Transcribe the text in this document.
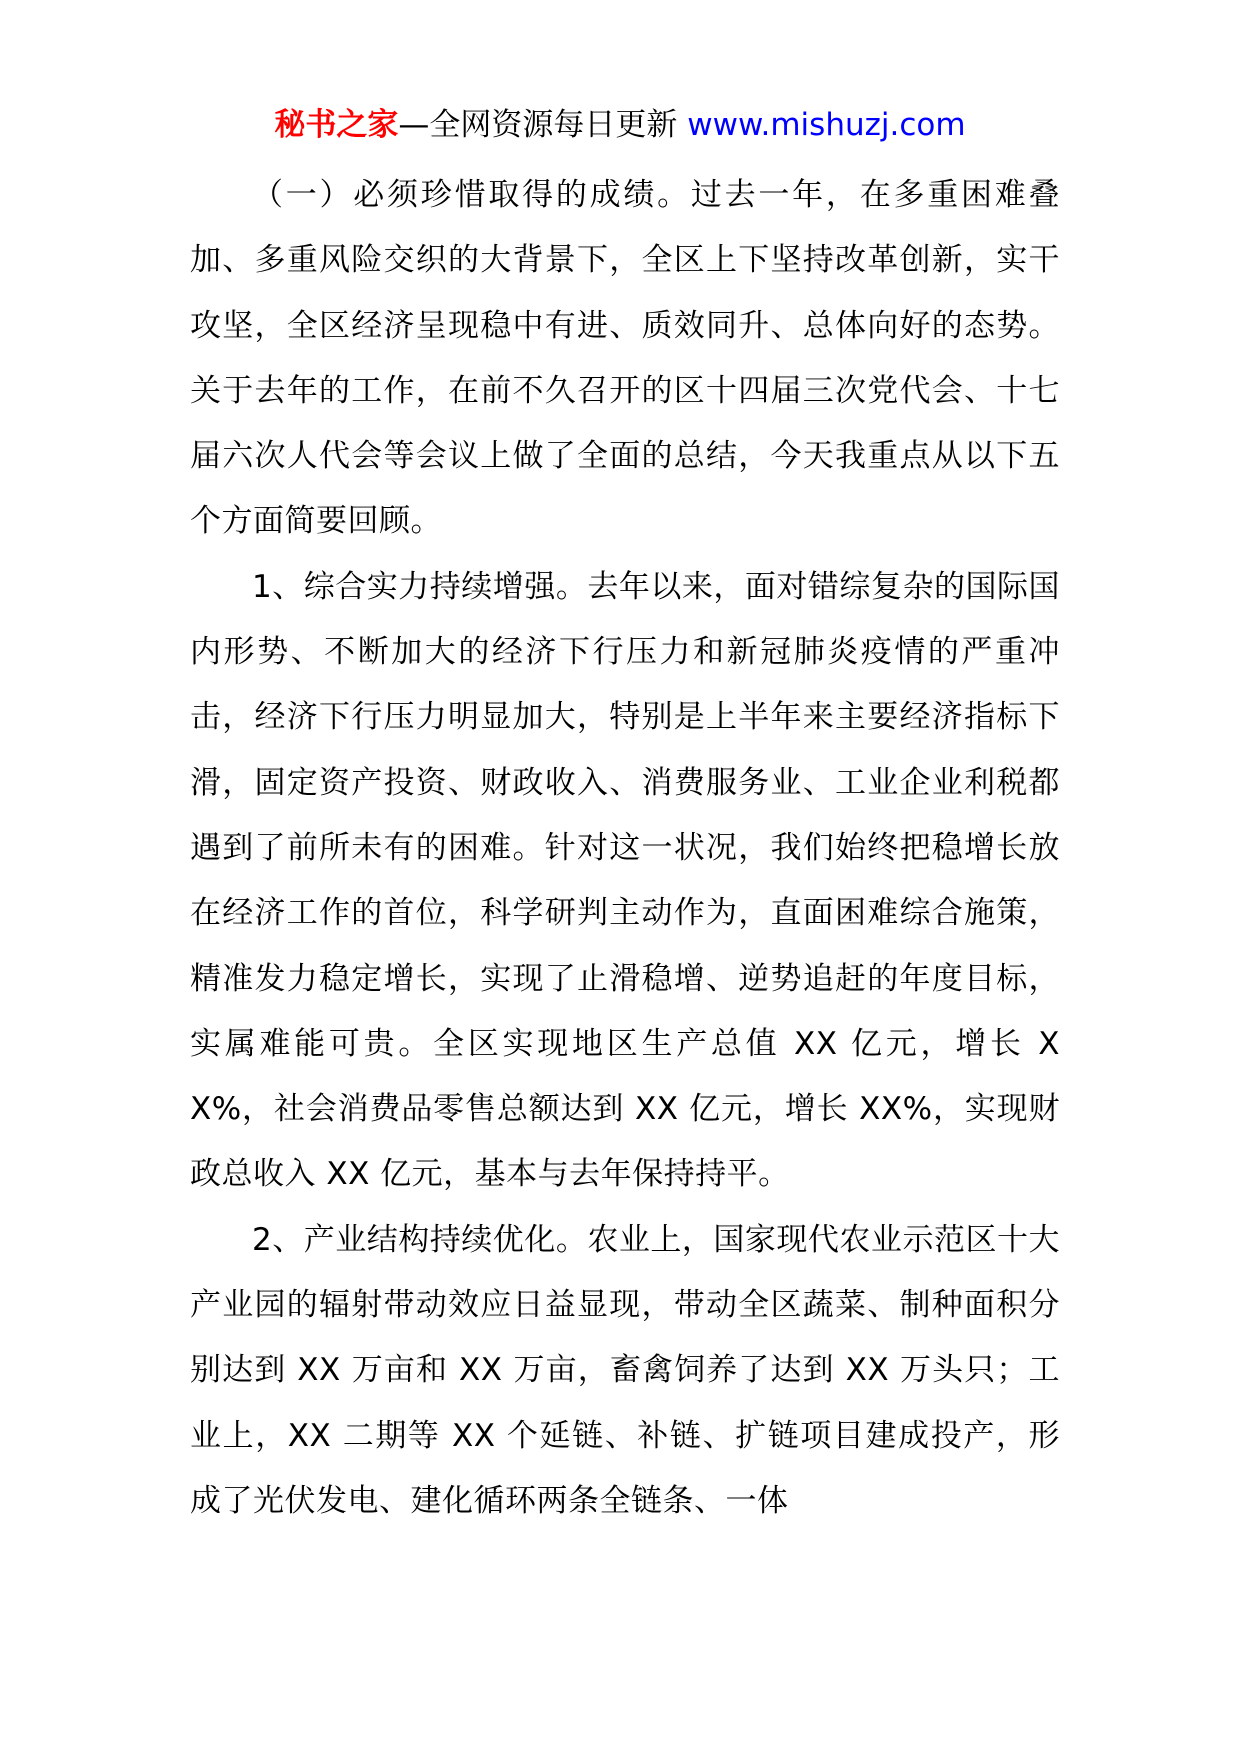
秘书之家—全网资源每日更新 www.mishuzj.com

（一）必须珍惜取得的成绩。过去一年，在多重困难叠加、多重风险交织的大背景下，全区上下坚持改革创新，实干攻坚，全区经济呈现稳中有进、质效同升、总体向好的态势。关于去年的工作，在前不久召开的区十四届三次党代会、十七届六次人代会等会议上做了全面的总结，今天我重点从以下五个方面简要回顾。

1、综合实力持续增强。去年以来，面对错综复杂的国际国内形势、不断加大的经济下行压力和新冠肺炎疫情的严重冲击，经济下行压力明显加大，特别是上半年来主要经济指标下滑，固定资产投资、财政收入、消费服务业、工业企业利税都遇到了前所未有的困难。针对这一状况，我们始终把稳增长放在经济工作的首位，科学研判主动作为，直面困难综合施策，精准发力稳定增长，实现了止滑稳增、逆势追赶的年度目标，实属难能可贵。全区实现地区生产总值 XX 亿元，增长 XX%，社会消费品零售总额达到 XX 亿元，增长 XX%，实现财政总收入 XX 亿元，基本与去年保持持平。

2、产业结构持续优化。农业上，国家现代农业示范区十大产业园的辐射带动效应日益显现，带动全区蔬菜、制种面积分别达到 XX 万亩和 XX 万亩，畜禽饲养了达到 XX 万头只；工业上，XX 二期等 XX 个延链、补链、扩链项目建成投产，形成了光伏发电、建化循环两条全链条、一体
